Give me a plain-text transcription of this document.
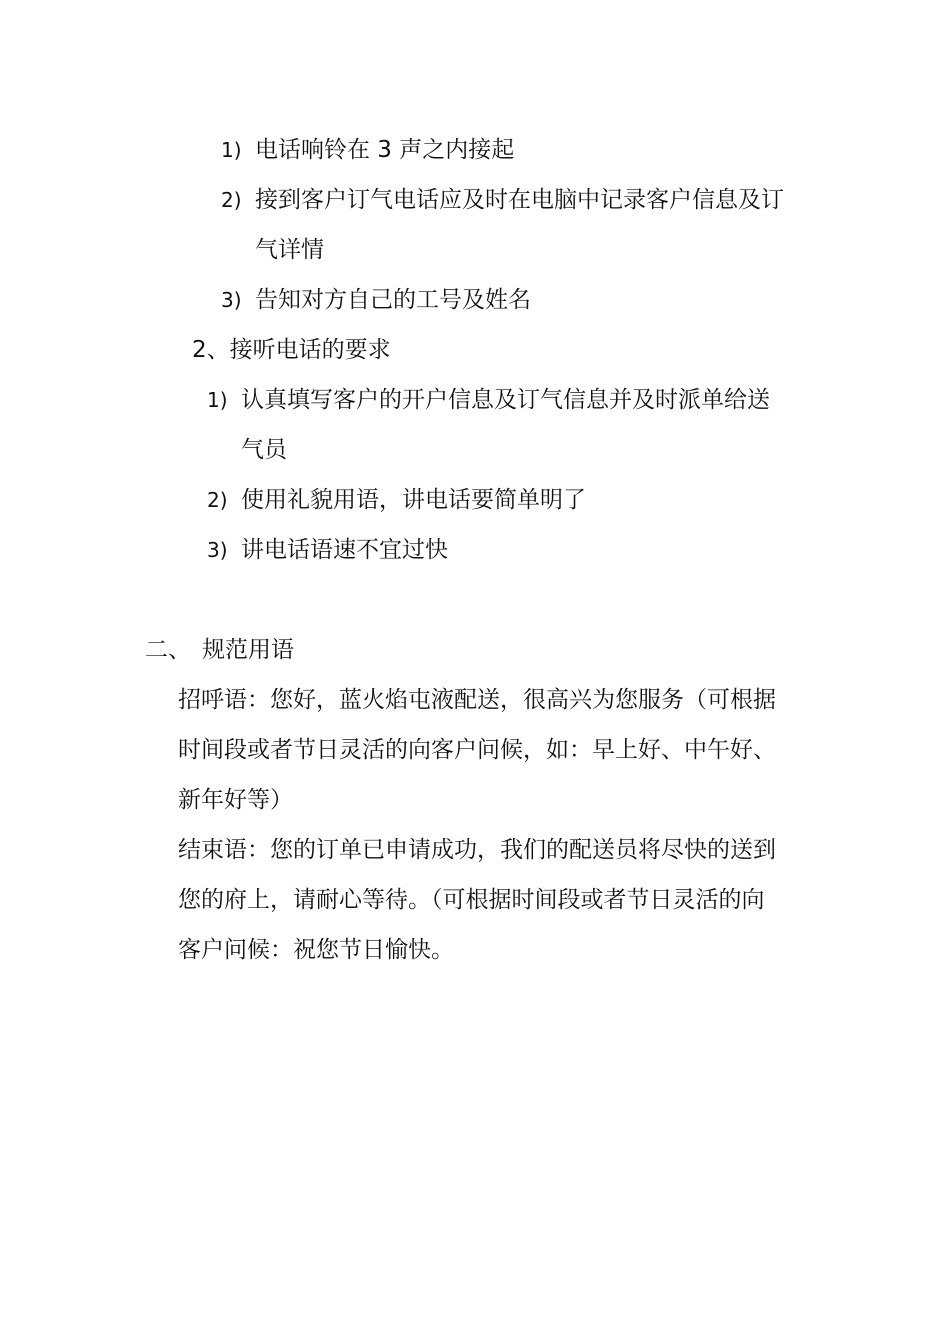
1) 电话响铃在 3 声之内接起
2) 接到客户订气电话应及时在电脑中记录客户信息及订
气详情
3) 告知对方自己的工号及姓名
2、接听电话的要求
1) 认真填写客户的开户信息及订气信息并及时派单给送
气员
2) 使用礼貌用语，讲电话要简单明了
3) 讲电话语速不宜过快
二、 规范用语
招呼语：您好，蓝火焰屯液配送，很高兴为您服务（可根据
时间段或者节日灵活的向客户问候，如：早上好、中午好、
新年好等）
结束语：您的订单已申请成功，我们的配送员将尽快的送到
您的府上，请耐心等待。（可根据时间段或者节日灵活的向
客户问候：祝您节日愉快。
